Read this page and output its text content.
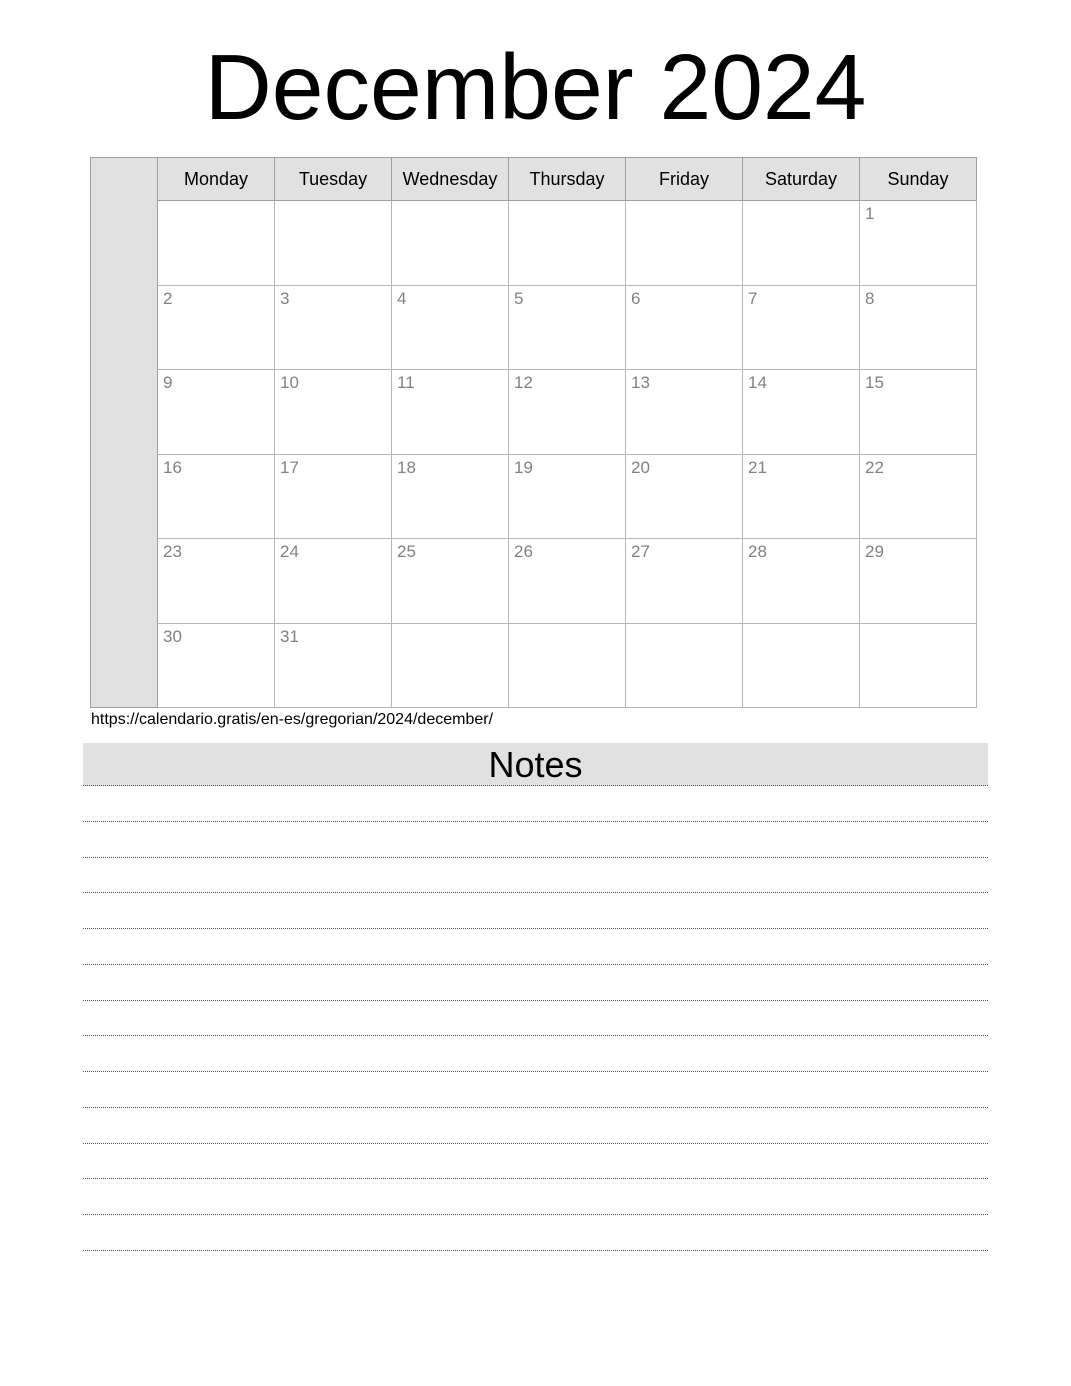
December 2024
	Monday	Tuesday	Wednesday	Thursday	Friday	Saturday	Sunday
							1
	2	3	4	5	6	7	8
	9	10	11	12	13	14	15
	16	17	18	19	20	21	22
	23	24	25	26	27	28	29
	30	31					
https://calendario.gratis/en-es/gregorian/2024/december/
Notes
